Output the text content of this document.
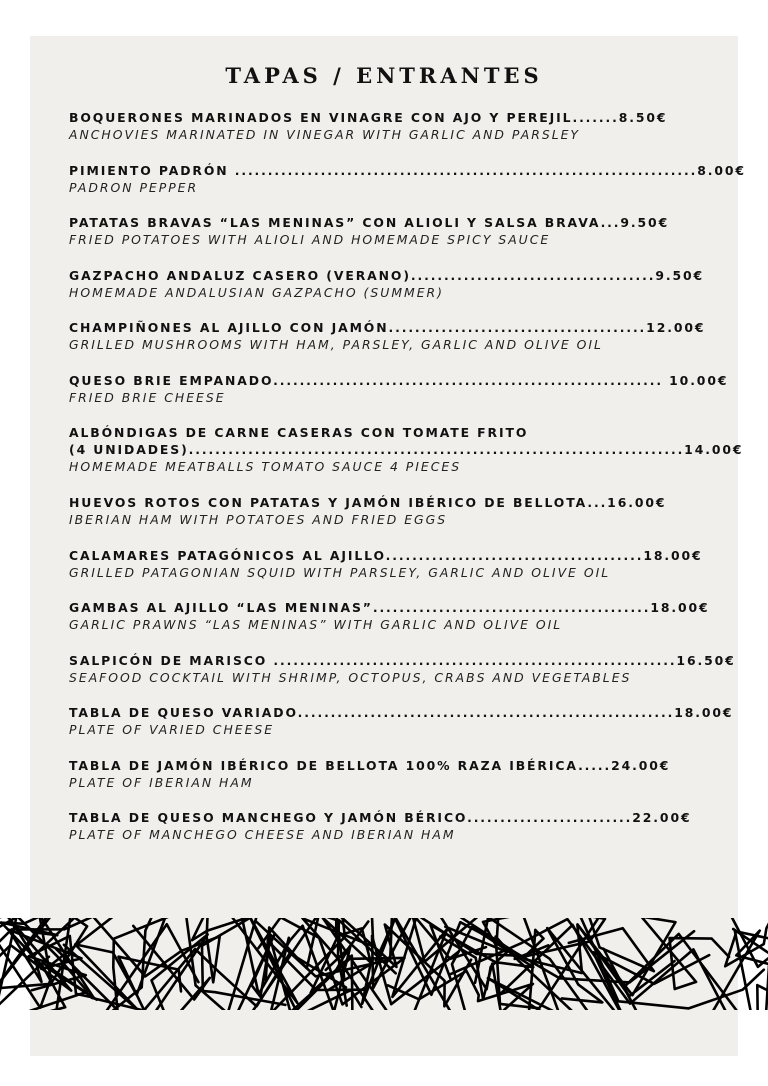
TAPAS / ENTRANTES
BOQUERONES MARINADOS EN VINAGRE CON AJO Y PEREJIL.......8.50€
ANCHOVIES MARINATED IN VINEGAR WITH GARLIC AND PARSLEY
PIMIENTO PADRÓN ......................................................................8.00€
PADRON PEPPER
PATATAS BRAVAS “LAS MENINAS” CON ALIOLI Y SALSA BRAVA...9.50€
FRIED POTATOES WITH ALIOLI AND HOMEMADE SPICY SAUCE
GAZPACHO ANDALUZ CASERO (VERANO).....................................9.50€
HOMEMADE ANDALUSIAN GAZPACHO (SUMMER)
CHAMPIÑONES AL AJILLO CON JAMÓN.......................................12.00€
GRILLED MUSHROOMS WITH HAM, PARSLEY, GARLIC AND OLIVE OIL
QUESO BRIE EMPANADO........................................................... 10.00€
FRIED BRIE CHEESE
ALBÓNDIGAS DE CARNE CASERAS CON TOMATE FRITO
(4 UNIDADES)...........................................................................14.00€
HOMEMADE MEATBALLS TOMATO SAUCE 4 PIECES
HUEVOS ROTOS CON PATATAS Y JAMÓN IBÉRICO DE BELLOTA...16.00€
IBERIAN HAM WITH POTATOES AND FRIED EGGS
CALAMARES PATAGÓNICOS AL AJILLO.......................................18.00€
GRILLED PATAGONIAN SQUID WITH PARSLEY, GARLIC AND OLIVE OIL
GAMBAS AL AJILLO “LAS MENINAS”..........................................18.00€
GARLIC PRAWNS “LAS MENINAS” WITH GARLIC AND OLIVE OIL
SALPICÓN DE MARISCO .............................................................16.50€
SEAFOOD COCKTAIL WITH SHRIMP, OCTOPUS, CRABS AND VEGETABLES
TABLA DE QUESO VARIADO.........................................................18.00€
PLATE OF VARIED CHEESE
TABLA DE JAMÓN IBÉRICO DE BELLOTA 100% RAZA IBÉRICA.....24.00€
PLATE OF IBERIAN HAM
TABLA DE QUESO MANCHEGO Y JAMÓN BÉRICO.........................22.00€
PLATE OF MANCHEGO CHEESE AND IBERIAN HAM
